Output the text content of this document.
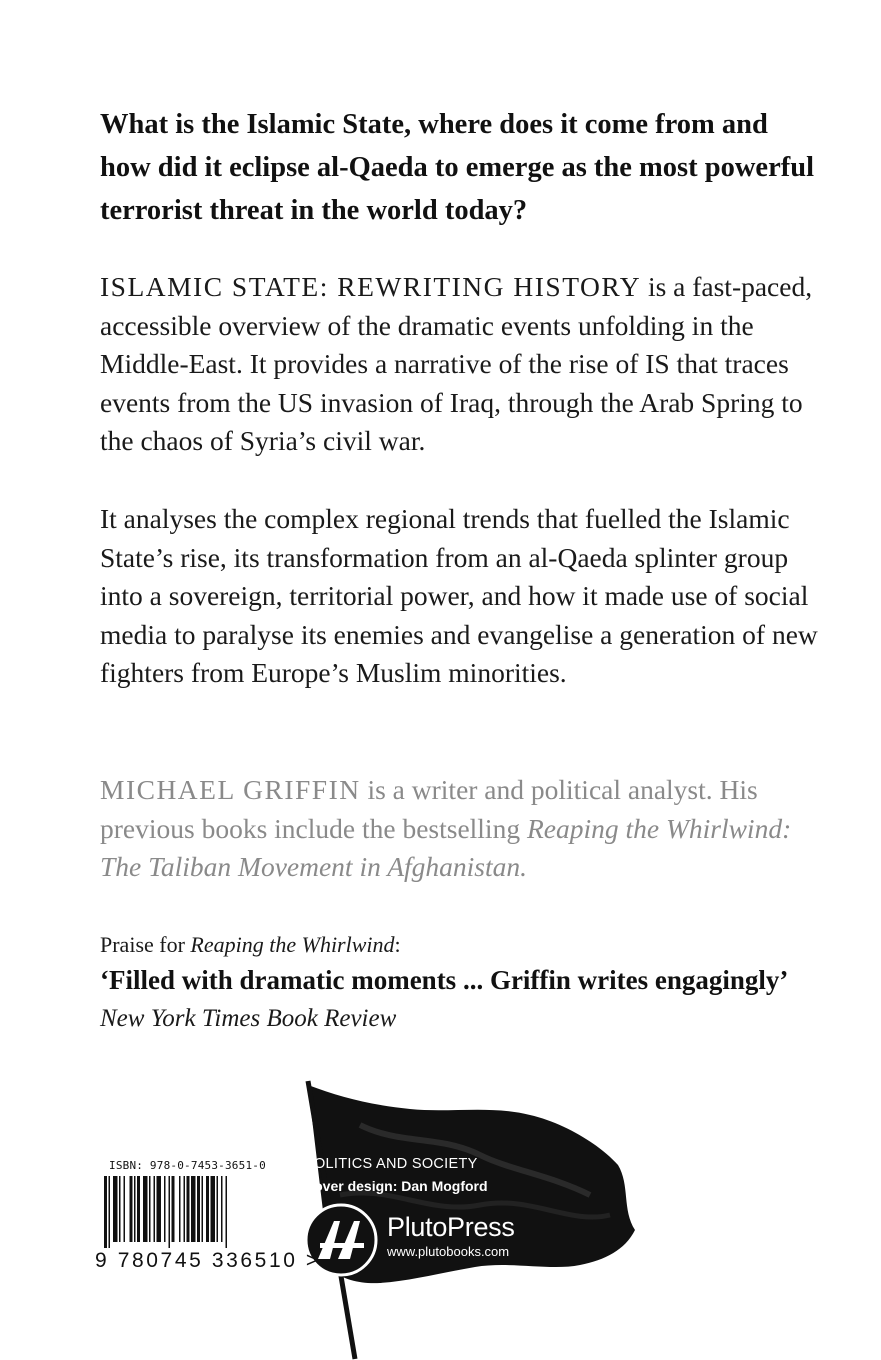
What is the Islamic State, where does it come from and how did it eclipse al-Qaeda to emerge as the most powerful terrorist threat in the world today?

ISLAMIC STATE: REWRITING HISTORY is a fast-paced, accessible overview of the dramatic events unfolding in the Middle-East. It provides a narrative of the rise of IS that traces events from the US invasion of Iraq, through the Arab Spring to the chaos of Syria’s civil war.

It analyses the complex regional trends that fuelled the Islamic State’s rise, its transformation from an al-Qaeda splinter group into a sovereign, territorial power, and how it made use of social media to paralyse its enemies and evangelise a generation of new fighters from Europe’s Muslim minorities.

MICHAEL GRIFFIN is a writer and political analyst. His previous books include the bestselling Reaping the Whirlwind: The Taliban Movement in Afghanistan.

Praise for Reaping the Whirlwind:
‘Filled with dramatic moments ... Griffin writes engagingly’
New York Times Book Review
POLITICS AND SOCIETY
Cover design: Dan Mogford
PlutoPress
www.plutobooks.com
ISBN: 978-0-7453-3651-0
9 780745 336510 >
